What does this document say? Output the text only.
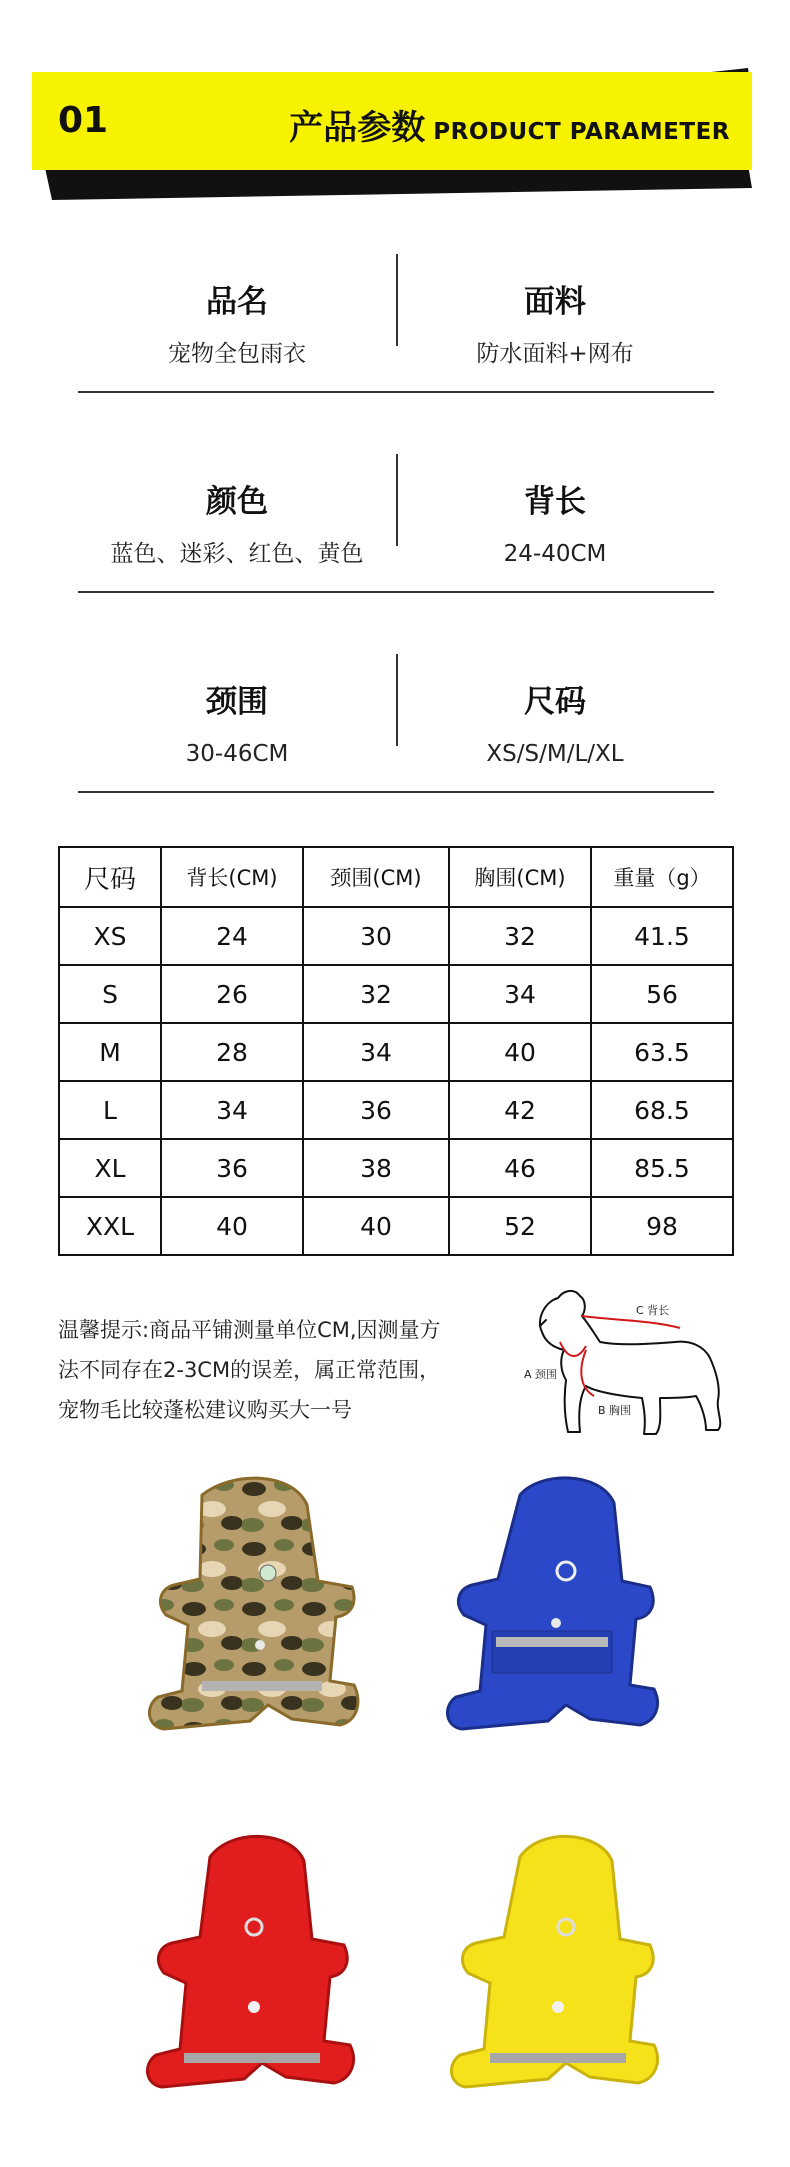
01	产品参数 PRODUCT PARAMETER
品名
宠物全包雨衣
面料
防水面料+网布
颜色
蓝色、迷彩、红色、黄色
背长
24-40CM
颈围
30-46CM
尺码
XS/S/M/L/XL
尺码	背长(CM)	颈围(CM)	胸围(CM)	重量（g）
XS	24	30	32	41.5
S	26	32	34	56
M	28	34	40	63.5
L	34	36	42	68.5
XL	36	38	46	85.5
XXL	40	40	52	98
温馨提示:商品平铺测量单位CM,因测量方
法不同存在2-3CM的误差，属正常范围，
宠物毛比较蓬松建议购买大一号
C 背长
A 颈围
B 胸围
